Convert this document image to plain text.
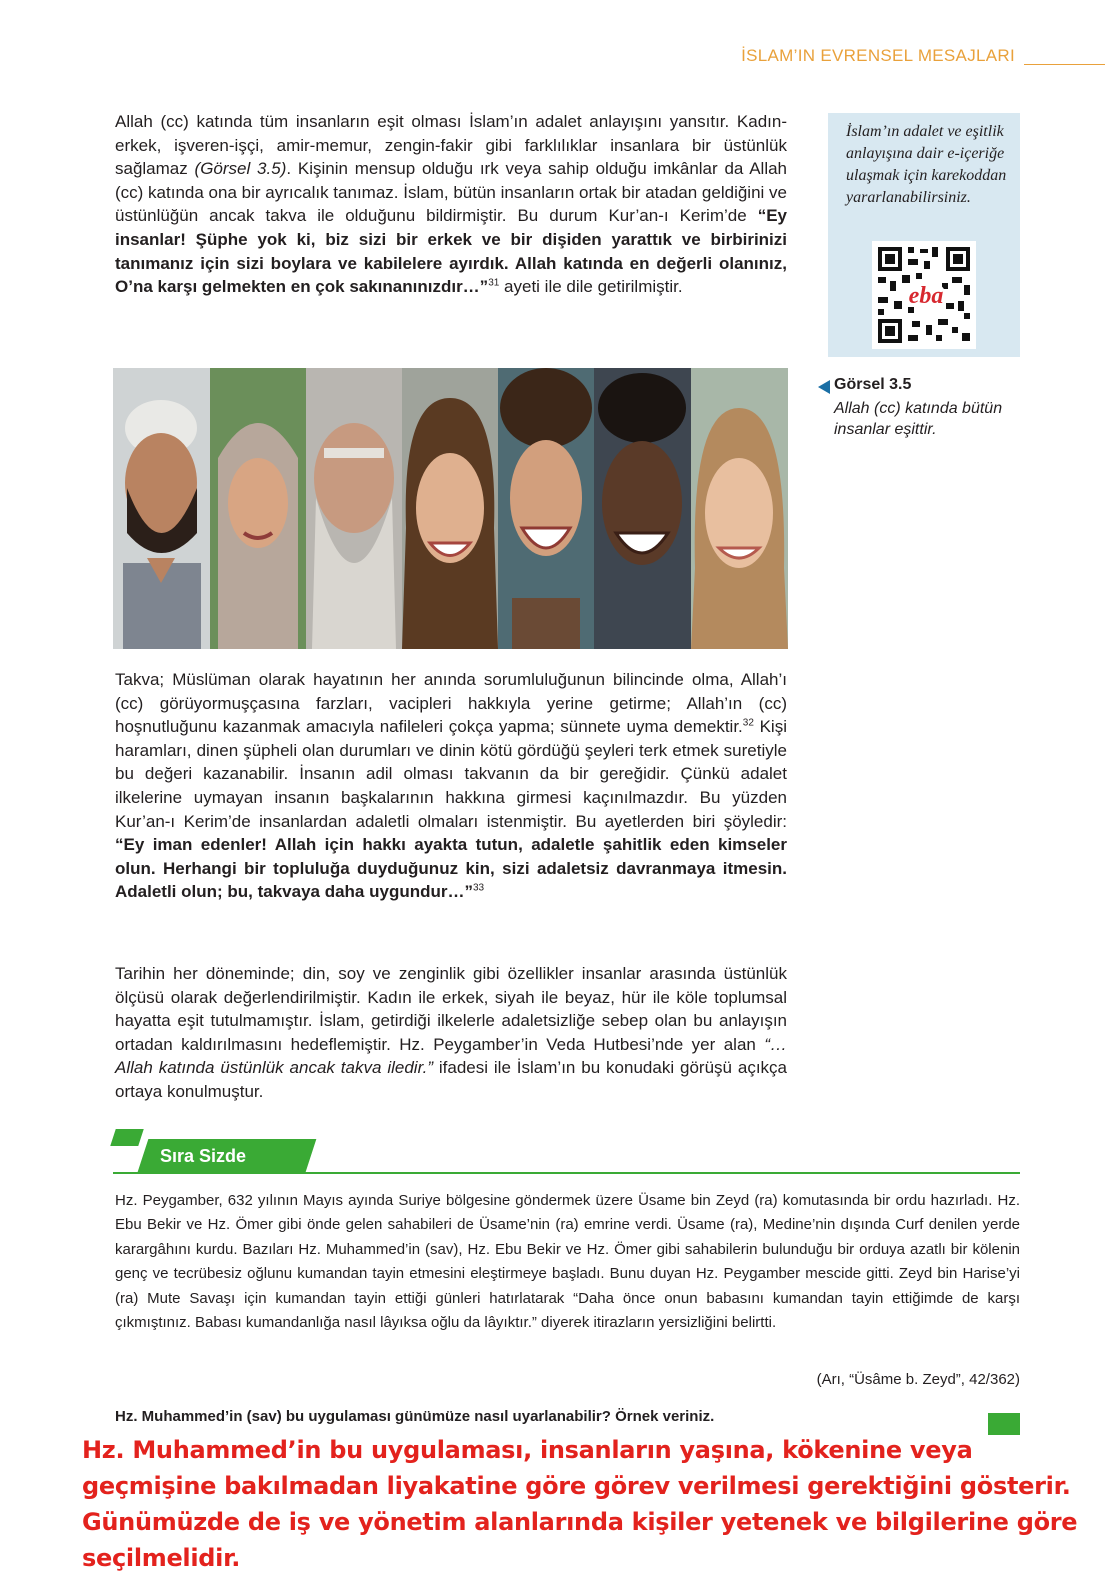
İSLAM’IN EVRENSEL MESAJLARI

Allah (cc) katında tüm insanların eşit olması İslam’ın adalet anlayışını yansıtır. Kadın-erkek, işveren-işçi, amir-memur, zengin-fakir gibi farklılıklar insanlara bir üstünlük sağlamaz (Görsel 3.5). Kişinin mensup olduğu ırk veya sahip olduğu imkânlar da Allah (cc) katında ona bir ayrıcalık tanımaz. İslam, bütün insanların ortak bir atadan geldiğini ve üstünlüğün ancak takva ile olduğunu bildirmiştir. Bu durum Kur’an-ı Kerim’de “Ey insanlar! Şüphe yok ki, biz sizi bir erkek ve bir dişiden yarattık ve birbirinizi tanımanız için sizi boylara ve kabilelere ayırdık. Allah katında en değerli olanınız, O’na karşı gelmekten en çok sakınanınızdır…”$^{31}$ ayeti ile dile getirilmiştir.

İslam’ın adalet ve eşitlik anlayışına dair e-içeriğe ulaşmak için karekoddan yararlanabilirsiniz.
eba
Görsel 3.5
Allah (cc) katında bütün insanlar eşittir.

Takva; Müslüman olarak hayatının her anında sorumluluğunun bilincinde olma, Allah’ı (cc) görüyormuşçasına farzları, vacipleri hakkıyla yerine getirme; Allah’ın (cc) hoşnutluğunu kazanmak amacıyla nafileleri çokça yapma; sünnete uyma demektir.$^{32}$ Kişi haramları, dinen şüpheli olan durumları ve dinin kötü gördüğü şeyleri terk etmek suretiyle bu değeri kazanabilir. İnsanın adil olması takvanın da bir gereğidir. Çünkü adalet ilkelerine uymayan insanın başkalarının hakkına girmesi kaçınılmazdır. Bu yüzden Kur’an-ı Kerim’de insanlardan adaletli olmaları istenmiştir. Bu ayetlerden biri şöyledir: “Ey iman edenler! Allah için hakkı ayakta tutun, adaletle şahitlik eden kimseler olun. Herhangi bir topluluğa duyduğunuz kin, sizi adaletsiz davranmaya itmesin. Adaletli olun; bu, takvaya daha uygundur…”$^{33}$

Tarihin her döneminde; din, soy ve zenginlik gibi özellikler insanlar arasında üstünlük ölçüsü olarak değerlendirilmiştir. Kadın ile erkek, siyah ile beyaz, hür ile köle toplumsal hayatta eşit tutulmamıştır. İslam, getirdiği ilkelerle adaletsizliğe sebep olan bu anlayışın ortadan kaldırılmasını hedeflemiştir. Hz. Peygamber’in Veda Hutbesi’nde yer alan “… Allah katında üstünlük ancak takva iledir.” ifadesi ile İslam’ın bu konudaki görüşü açıkça ortaya konulmuştur.

Sıra Sizde

Hz. Peygamber, 632 yılının Mayıs ayında Suriye bölgesine göndermek üzere Üsame bin Zeyd (ra) komutasında bir ordu hazırladı. Hz. Ebu Bekir ve Hz. Ömer gibi önde gelen sahabileri de Üsame’nin (ra) emrine verdi. Üsame (ra), Medine’nin dışında Curf denilen yerde karargâhını kurdu. Bazıları Hz. Muhammed’in (sav), Hz. Ebu Bekir ve Hz. Ömer gibi sahabilerin bulunduğu bir orduya azatlı bir kölenin genç ve tecrübesiz oğlunu kumandan tayin etmesini eleştirmeye başladı. Bunu duyan Hz. Peygamber mescide gitti. Zeyd bin Harise’yi (ra) Mute Savaşı için kumandan tayin ettiği günleri hatırlatarak “Daha önce onun babasını kumandan tayin ettiğimde de karşı çıkmıştınız. Babası kumandanlığa nasıl lâyıksa oğlu da lâyıktır.” diyerek itirazların yersizliğini belirtti.

(Arı, “Üsâme b. Zeyd”, 42/362)
Hz. Muhammed’in (sav) bu uygulaması günümüze nasıl uyarlanabilir? Örnek veriniz.

Hz. Muhammed’in bu uygulaması, insanların yaşına, kökenine veya geçmişine bakılmadan liyakatine göre görev verilmesi gerektiğini gösterir. Günümüzde de iş ve yönetim alanlarında kişiler yetenek ve bilgilerine göre seçilmelidir.
